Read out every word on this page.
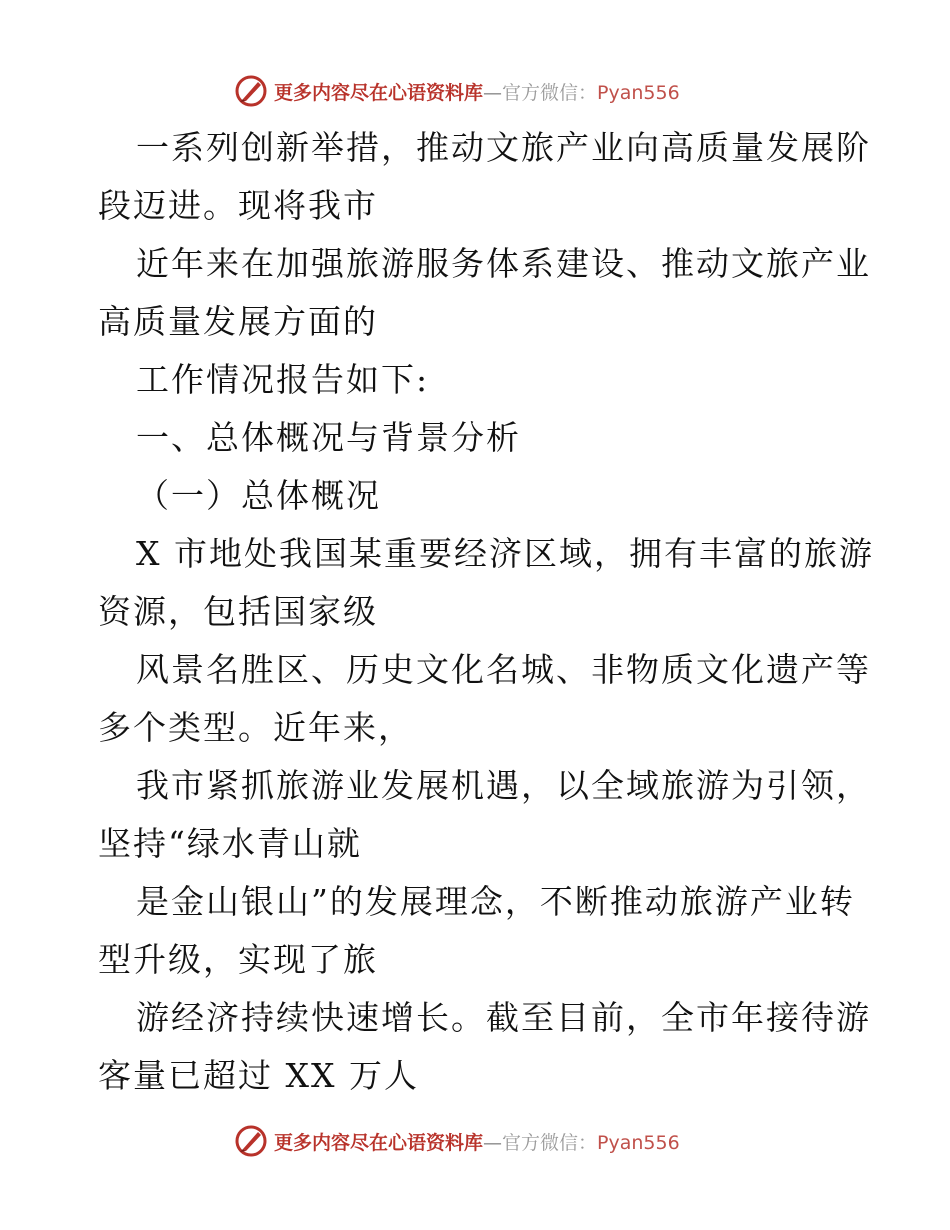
更多内容尽在心语资料库—官方微信：Pyan556
一系列创新举措，推动文旅产业向高质量发展阶
段迈进。现将我市
近年来在加强旅游服务体系建设、推动文旅产业
高质量发展方面的
工作情况报告如下:
一、总体概况与背景分析
（一）总体概况
X 市地处我国某重要经济区域，拥有丰富的旅游
资源，包括国家级
风景名胜区、历史文化名城、非物质文化遗产等
多个类型。近年来，
我市紧抓旅游业发展机遇，以全域旅游为引领，
坚持“绿水青山就
是金山银山”的发展理念，不断推动旅游产业转
型升级，实现了旅
游经济持续快速增长。截至目前，全市年接待游
客量已超过 XX 万人
更多内容尽在心语资料库—官方微信：Pyan556
